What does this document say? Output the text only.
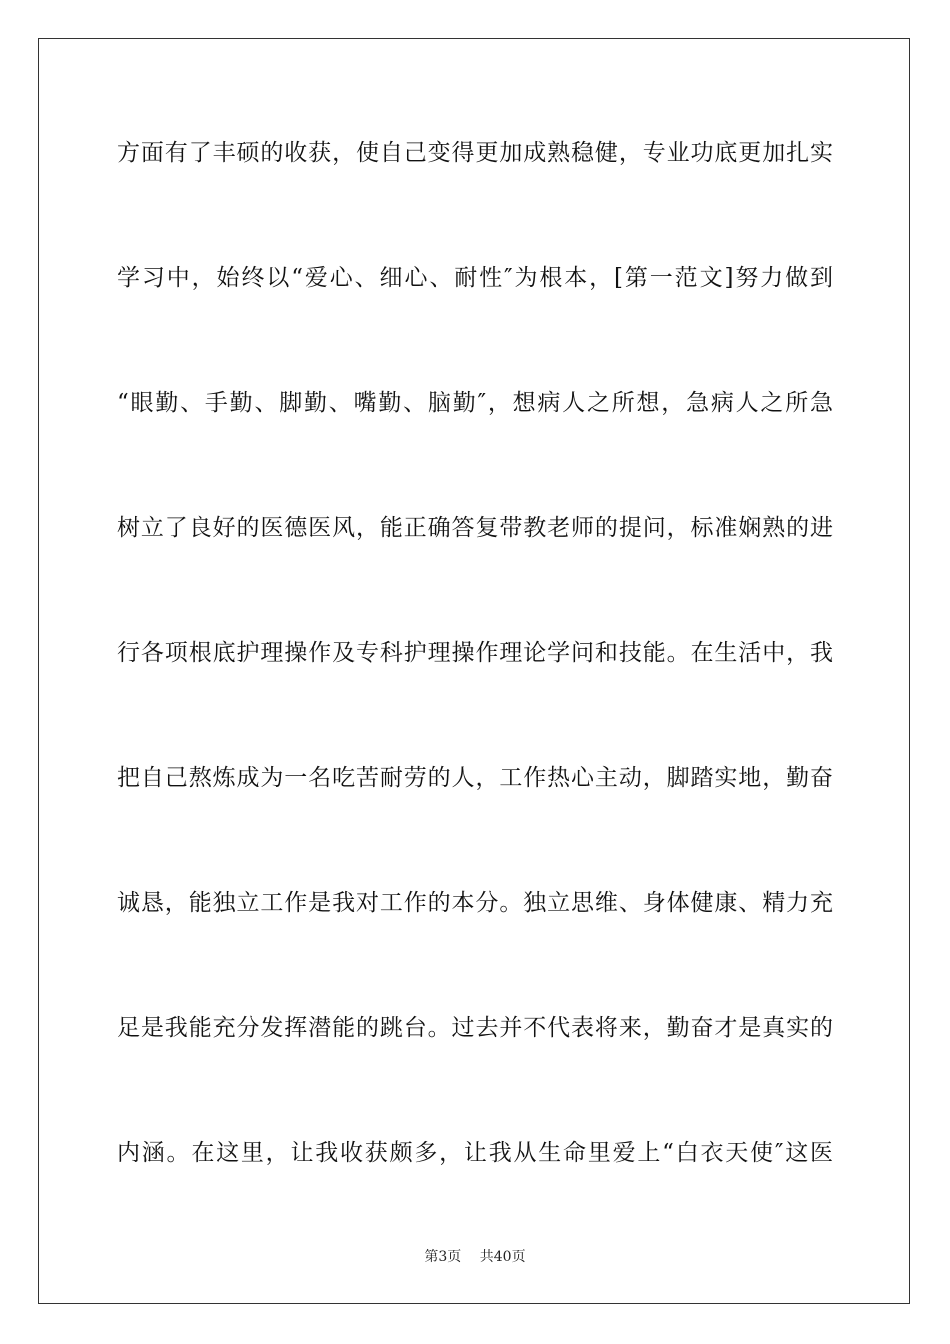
方面有了丰硕的收获，使自己变得更加成熟稳健，专业功底更加扎实
学习中，始终以“爱心、细心、耐性″为根本，[第一范文]努力做到
“眼勤、手勤、脚勤、嘴勤、脑勤″，想病人之所想，急病人之所急
树立了良好的医德医风，能正确答复带教老师的提问，标准娴熟的进
行各项根底护理操作及专科护理操作理论学问和技能。在生活中，我
把自己熬炼成为一名吃苦耐劳的人，工作热心主动，脚踏实地，勤奋
诚恳，能独立工作是我对工作的本分。独立思维、身体健康、精力充
足是我能充分发挥潜能的跳台。过去并不代表将来，勤奋才是真实的
内涵。在这里，让我收获颇多，让我从生命里爱上“白衣天使″这医
第3页 共40页
